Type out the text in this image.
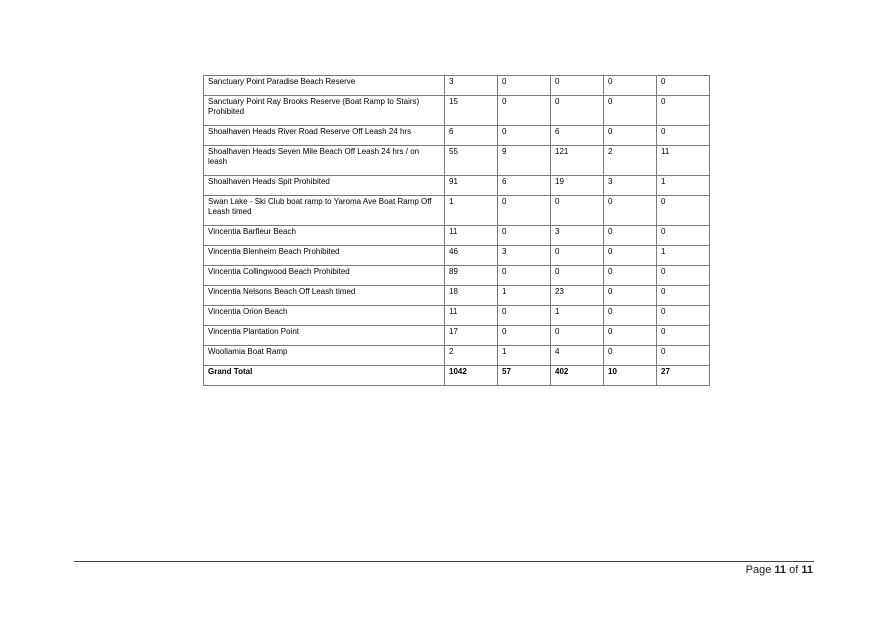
Sanctuary Point Paradise Beach Reserve	3	0	0	0	0
Sanctuary Point Ray Brooks Reserve (Boat Ramp to Stairs) Prohibited	15	0	0	0	0
Shoalhaven Heads River Road Reserve Off Leash 24 hrs	6	0	6	0	0
Shoalhaven Heads Seven Mile Beach Off Leash 24 hrs / on leash	55	9	121	2	11
Shoalhaven Heads Spit Prohibited	91	6	19	3	1
Swan Lake - Ski Club boat ramp to Yaroma Ave Boat Ramp Off Leash timed	1	0	0	0	0
Vincentia Barfleur Beach	11	0	3	0	0
Vincentia Blenheim Beach Prohibited	46	3	0	0	1
Vincentia Collingwood Beach Prohibited	89	0	0	0	0
Vincentia Nelsons Beach Off Leash timed	18	1	23	0	0
Vincentia Orion Beach	11	0	1	0	0
Vincentia Plantation Point	17	0	0	0	0
Woollamia Boat Ramp	2	1	4	0	0
Grand Total	1042	57	402	10	27
Page 11 of 11
